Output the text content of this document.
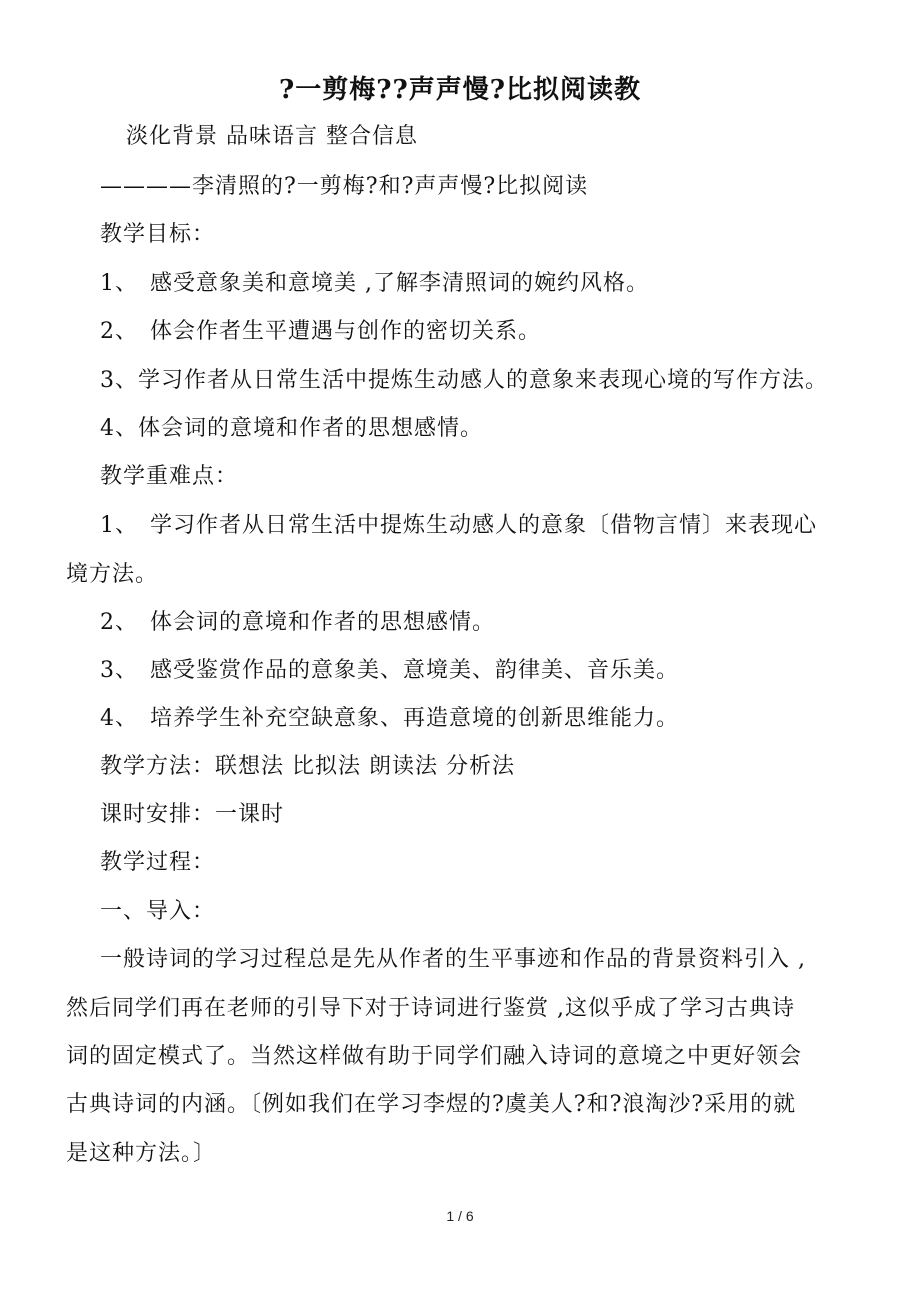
?一剪梅??声声慢?比拟阅读教
淡化背景 品味语言 整合信息
————李清照的?一剪梅?和?声声慢?比拟阅读
教学目标：
1、 感受意象美和意境美 ,了解李清照词的婉约风格。
2、 体会作者生平遭遇与创作的密切关系。
3、学习作者从日常生活中提炼生动感人的意象来表现心境的写作方法。
4、体会词的意境和作者的思想感情。
教学重难点：
1、 学习作者从日常生活中提炼生动感人的意象〔借物言情〕来表现心
境方法。
2、 体会词的意境和作者的思想感情。
3、 感受鉴赏作品的意象美、意境美、韵律美、音乐美。
4、 培养学生补充空缺意象、再造意境的创新思维能力。
教学方法：联想法 比拟法 朗读法 分析法
课时安排：一课时
教学过程：
一、导入：
一般诗词的学习过程总是先从作者的生平事迹和作品的背景资料引入 ,
然后同学们再在老师的引导下对于诗词进行鉴赏 ,这似乎成了学习古典诗
词的固定模式了。当然这样做有助于同学们融入诗词的意境之中更好领会
古典诗词的内涵。〔例如我们在学习李煜的?虞美人?和?浪淘沙?采用的就
是这种方法。〕
1 / 6
